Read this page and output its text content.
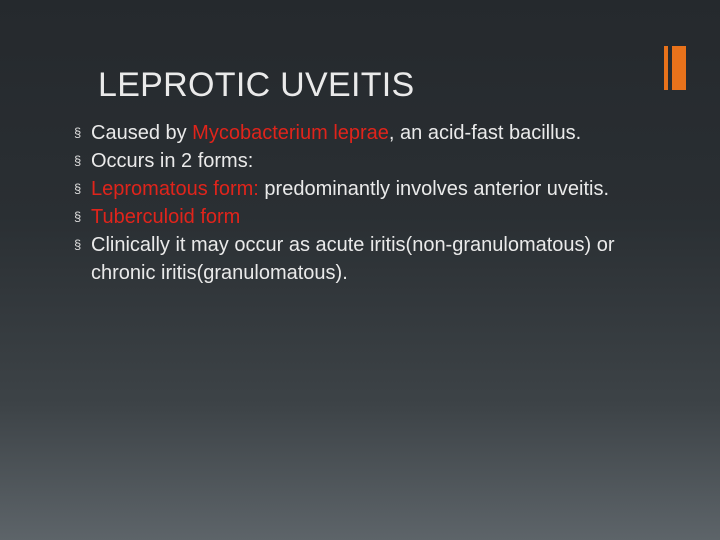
LEPROTIC UVEITIS
§ Caused by Mycobacterium leprae, an acid-fast bacillus.
§ Occurs in 2 forms:
§ Lepromatous form: predominantly involves anterior uveitis.
§ Tuberculoid form
§ Clinically it may occur as acute iritis(non-granulomatous) or chronic iritis(granulomatous).
